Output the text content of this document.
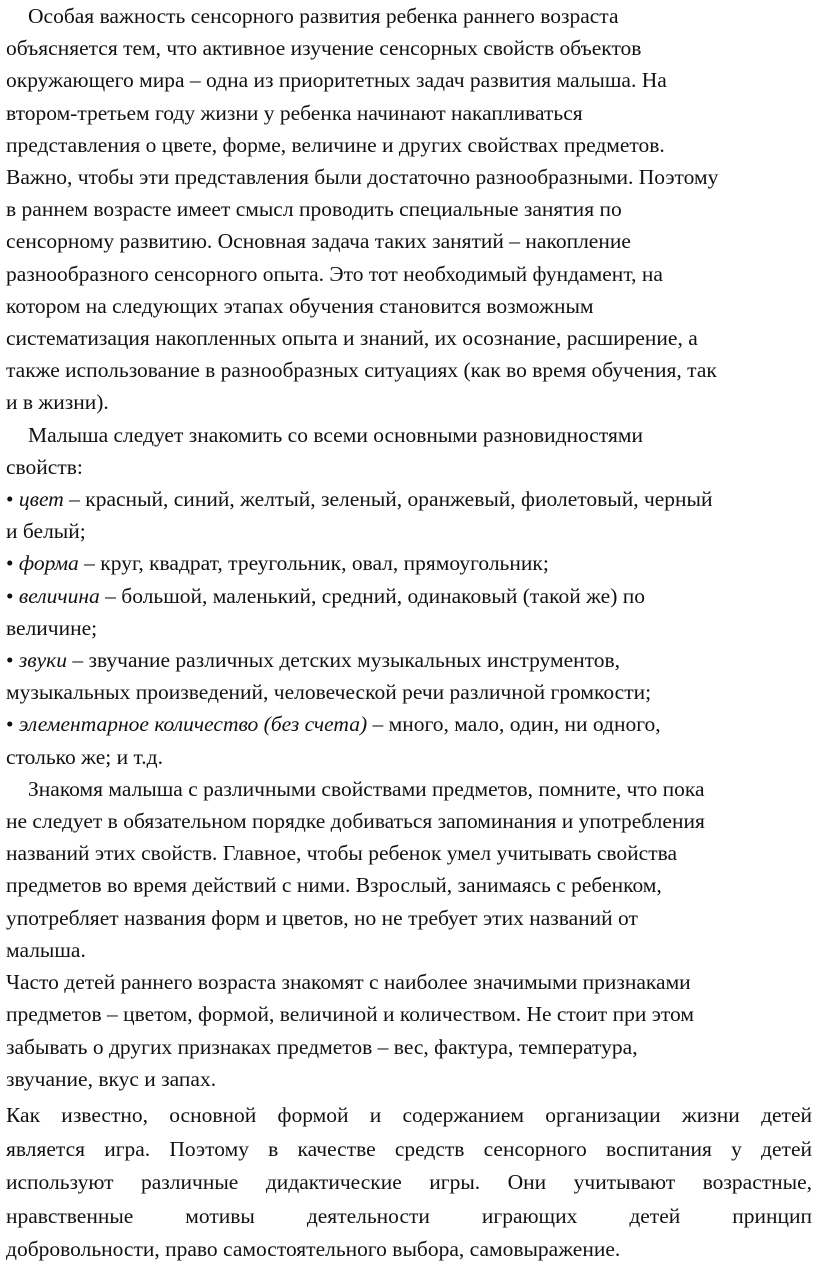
Особая важность сенсорного развития ребенка раннего возраста
объясняется тем, что активное изучение сенсорных свойств объектов
окружающего мира – одна из приоритетных задач развития малыша. На
втором-третьем году жизни у ребенка начинают накапливаться
представления о цвете, форме, величине и других свойствах предметов.
Важно, чтобы эти представления были достаточно разнообразными. Поэтому
в раннем возрасте имеет смысл проводить специальные занятия по
сенсорному развитию. Основная задача таких занятий – накопление
разнообразного сенсорного опыта. Это тот необходимый фундамент, на
котором на следующих этапах обучения становится возможным
систематизация накопленных опыта и знаний, их осознание, расширение, а
также использование в разнообразных ситуациях (как во время обучения, так
и в жизни).
Малыша следует знакомить со всеми основными разновидностями
свойств:
• цвет – красный, синий, желтый, зеленый, оранжевый, фиолетовый, черный
и белый;
• форма – круг, квадрат, треугольник, овал, прямоугольник;
• величина – большой, маленький, средний, одинаковый (такой же) по
величине;
• звуки – звучание различных детских музыкальных инструментов,
музыкальных произведений, человеческой речи различной громкости;
• элементарное количество (без счета) – много, мало, один, ни одного,
столько же; и т.д.
Знакомя малыша с различными свойствами предметов, помните, что пока
не следует в обязательном порядке добиваться запоминания и употребления
названий этих свойств. Главное, чтобы ребенок умел учитывать свойства
предметов во время действий с ними. Взрослый, занимаясь с ребенком,
употребляет названия форм и цветов, но не требует этих названий от
малыша.
Часто детей раннего возраста знакомят с наиболее значимыми признаками
предметов – цветом, формой, величиной и количеством. Не стоит при этом
забывать о других признаках предметов – вес, фактура, температура,
звучание, вкус и запах.
Как известно, основной формой и содержанием организации жизни детей
является игра. Поэтому в качестве средств сенсорного воспитания у детей
используют различные дидактические игры. Они учитывают возрастные,
нравственные мотивы деятельности играющих детей принцип
добровольности, право самостоятельного выбора, самовыражение.
